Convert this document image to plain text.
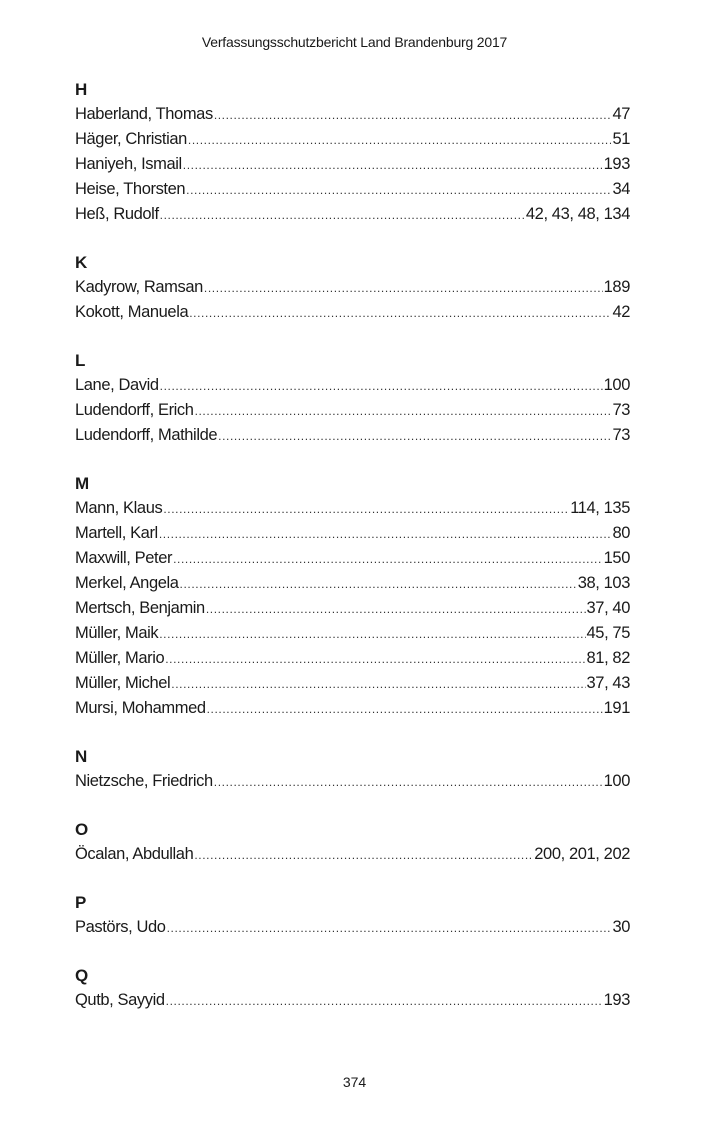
Verfassungsschutzbericht Land Brandenburg 2017
H
Haberland, Thomas .....	47
Häger, Christian .....	51
Haniyeh, Ismail .....	193
Heise, Thorsten .....	34
Heß, Rudolf .....	42, 43, 48, 134
K
Kadyrow, Ramsan .....	189
Kokott, Manuela .....	42
L
Lane, David .....	100
Ludendorff, Erich .....	73
Ludendorff, Mathilde .....	73
M
Mann, Klaus .....	114, 135
Martell, Karl .....	80
Maxwill, Peter .....	150
Merkel, Angela .....	38, 103
Mertsch, Benjamin .....	37, 40
Müller, Maik .....	45, 75
Müller, Mario .....	81, 82
Müller, Michel .....	37, 43
Mursi, Mohammed .....	191
N
Nietzsche, Friedrich .....	100
O
Öcalan, Abdullah .....	200, 201, 202
P
Pastörs, Udo .....	30
Q
Qutb, Sayyid .....	193
374
